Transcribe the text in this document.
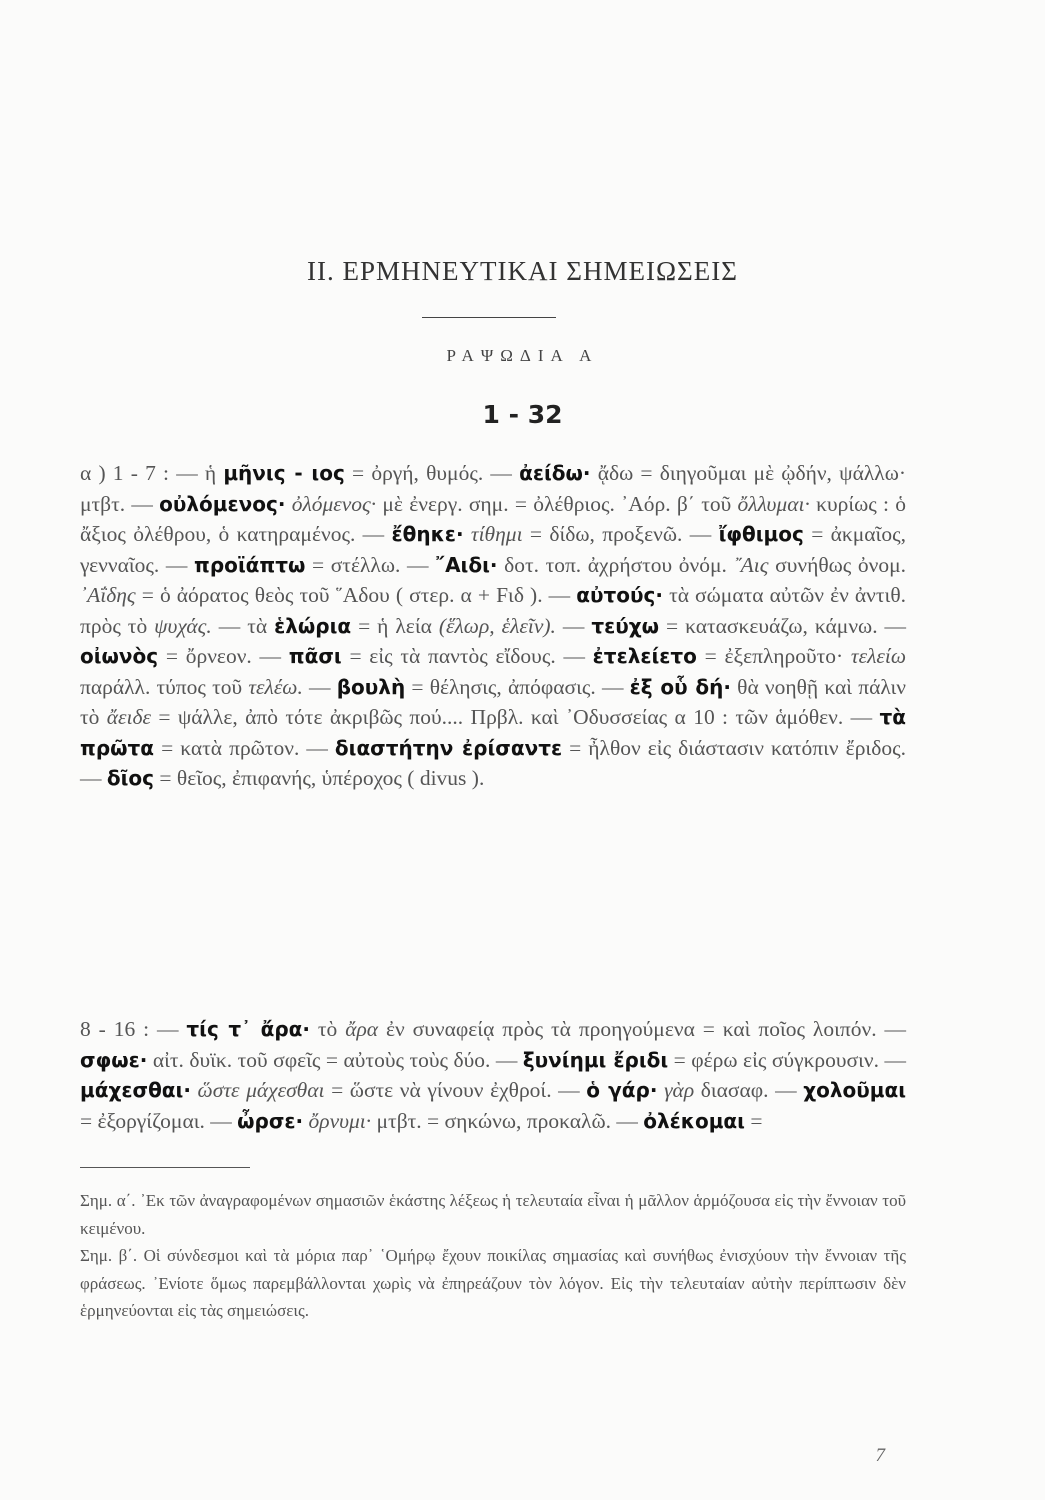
II. ΕΡΜΗΝΕΥΤΙΚΑΙ ΣΗΜΕΙΩΣΕΙΣ
ΡΑΨΩΔΙΑ Α
1 - 32

α ) 1 - 7 : — ἡ μῆνις - ιος = ὀργή, θυμός. — ἀείδω· ᾄδω = διηγοῦμαι μὲ ᾠδήν, ψάλλω· μτβτ. — οὐλόμενος· ὀλόμενος· μὲ ἐνεργ. σημ. = ὀλέθριος. ᾿Αόρ. β΄ τοῦ ὄλλυμαι· κυρίως : ὁ ἄξιος ὀλέθρου, ὁ κατηραμένος. — ἔθηκε· τίθημι = δίδω, προξενῶ. — ἴφθιμος = ἀκμαῖος, γενναῖος. — προϊάπτω = στέλλω. — ῎Αιδι· δοτ. τοπ. ἀχρήστου ὀνόμ. ῎Αις συνήθως ὀνομ. ᾿Αΐδης = ὁ ἀόρατος θεὸς τοῦ ῞Αδου ( στερ. α + Fιδ ). — αὐτούς· τὰ σώματα αὐτῶν ἐν ἀντιθ. πρὸς τὸ ψυχάς. — τὰ ἑλώρια = ἡ λεία (ἕλωρ, ἑλεῖν). — τεύχω = κατασκευάζω, κάμνω. — οἰωνὸς = ὄρνεον. — πᾶσι = εἰς τὰ παντὸς εἴδους. — ἐτελείετο = ἐξεπληροῦτο· τελείω παράλλ. τύπος τοῦ τελέω. — βουλὴ = θέλησις, ἀπόφασις. — ἐξ οὗ δή· θὰ νοηθῇ καὶ πάλιν τὸ ἄειδε = ψάλλε, ἀπὸ τότε ἀκριβῶς πού.... Πρβλ. καὶ ᾿Οδυσσείας α 10 : τῶν ἁμόθεν. — τὰ πρῶτα = κατὰ πρῶτον. — διαστήτην ἐρίσαντε = ἦλθον εἰς διάστασιν κατόπιν ἔριδος. — δῖος = θεῖος, ἐπιφανής, ὑπέροχος ( divus ).

8 - 16 : — τίς τ᾿ ἄρα· τὸ ἄρα ἐν συναφείᾳ πρὸς τὰ προηγούμενα = καὶ ποῖος λοιπόν. — σφωε· αἰτ. δυϊκ. τοῦ σφεῖς = αὐτοὺς τοὺς δύο. — ξυνίημι ἔριδι = φέρω εἰς σύγκρουσιν. — μάχεσθαι· ὥστε μάχεσθαι = ὥστε νὰ γίνουν ἐχθροί. — ὁ γάρ· γὰρ διασαφ. — χολοῦμαι = ἐξοργίζομαι. — ὦρσε· ὄρνυμι· μτβτ. = σηκώνω, προκαλῶ. — ὀλέκομαι =

Σημ. α΄. ᾿Εκ τῶν ἀναγραφομένων σημασιῶν ἑκάστης λέξεως ἡ τελευταία εἶναι ἡ μᾶλλον ἁρμόζουσα εἰς τὴν ἔννοιαν τοῦ κειμένου.

Σημ. β΄. Οἱ σύνδεσμοι καὶ τὰ μόρια παρ᾿ ῾Ομήρῳ ἔχουν ποικίλας σημασίας καὶ συνήθως ἐνισχύουν τὴν ἔννοιαν τῆς φράσεως. ᾿Ενίοτε ὅμως παρεμβάλλονται χωρὶς νὰ ἐπηρεάζουν τὸν λόγον. Εἰς τὴν τελευταίαν αὐτὴν περίπτωσιν δὲν ἑρμηνεύονται εἰς τὰς σημειώσεις.

7
